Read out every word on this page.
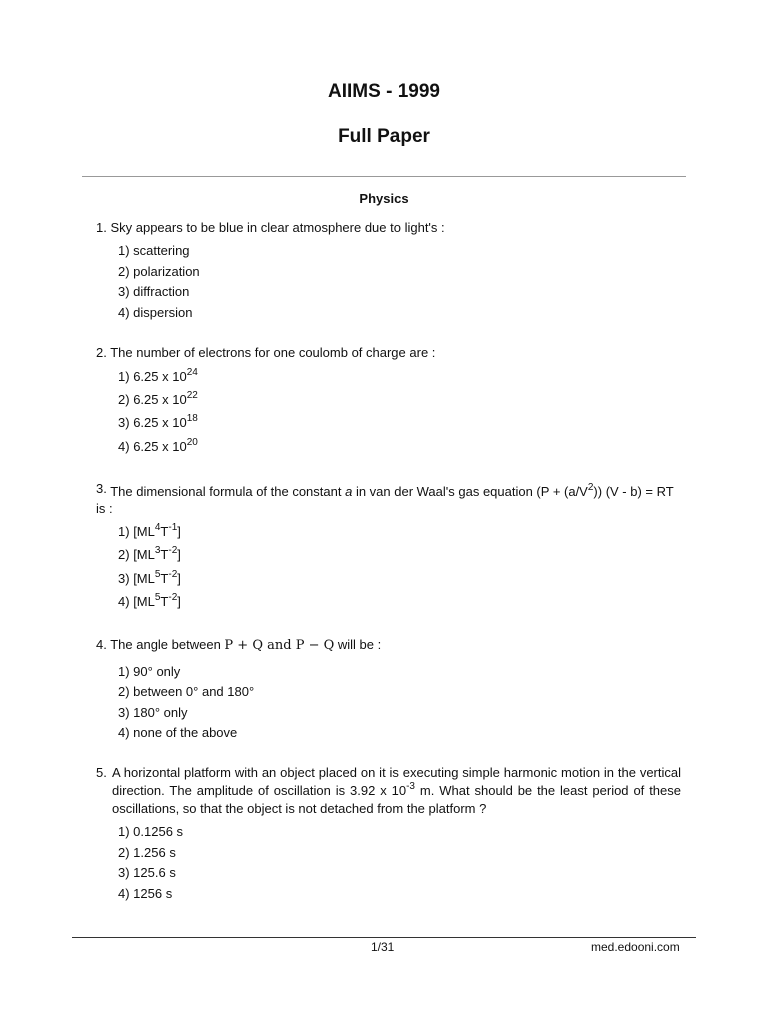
AIIMS - 1999
Full Paper
Physics
1. Sky appears to be blue in clear atmosphere due to light's :
1) scattering
2) polarization
3) diffraction
4) dispersion
2. The number of electrons for one coulomb of charge are :
1) 6.25 x $10^{24}$
2) 6.25 x $10^{22}$
3) 6.25 x $10^{18}$
4) 6.25 x $10^{20}$
3. The dimensional formula of the constant a in van der Waal's gas equation $(P + (a/V^2))$ (V - b) = RT is :
1) $[ML^4T^{-1}]$
2) $[ML^3T^{-2}]$
3) $[ML^5T^{-2}]$
4) $[ML^5T^{-2}]$
4. The angle between P + Q and P − Q will be :
1) 90° only
2) between 0° and 180°
3) 180° only
4) none of the above
5. A horizontal platform with an object placed on it is executing simple harmonic motion in the vertical direction. The amplitude of oscillation is 3.92 x $10^{-3}$ m. What should be the least period of these oscillations, so that the object is not detached from the platform ?
1) 0.1256 s
2) 1.256 s
3) 125.6 s
4) 1256 s
1/31	med.edooni.com
